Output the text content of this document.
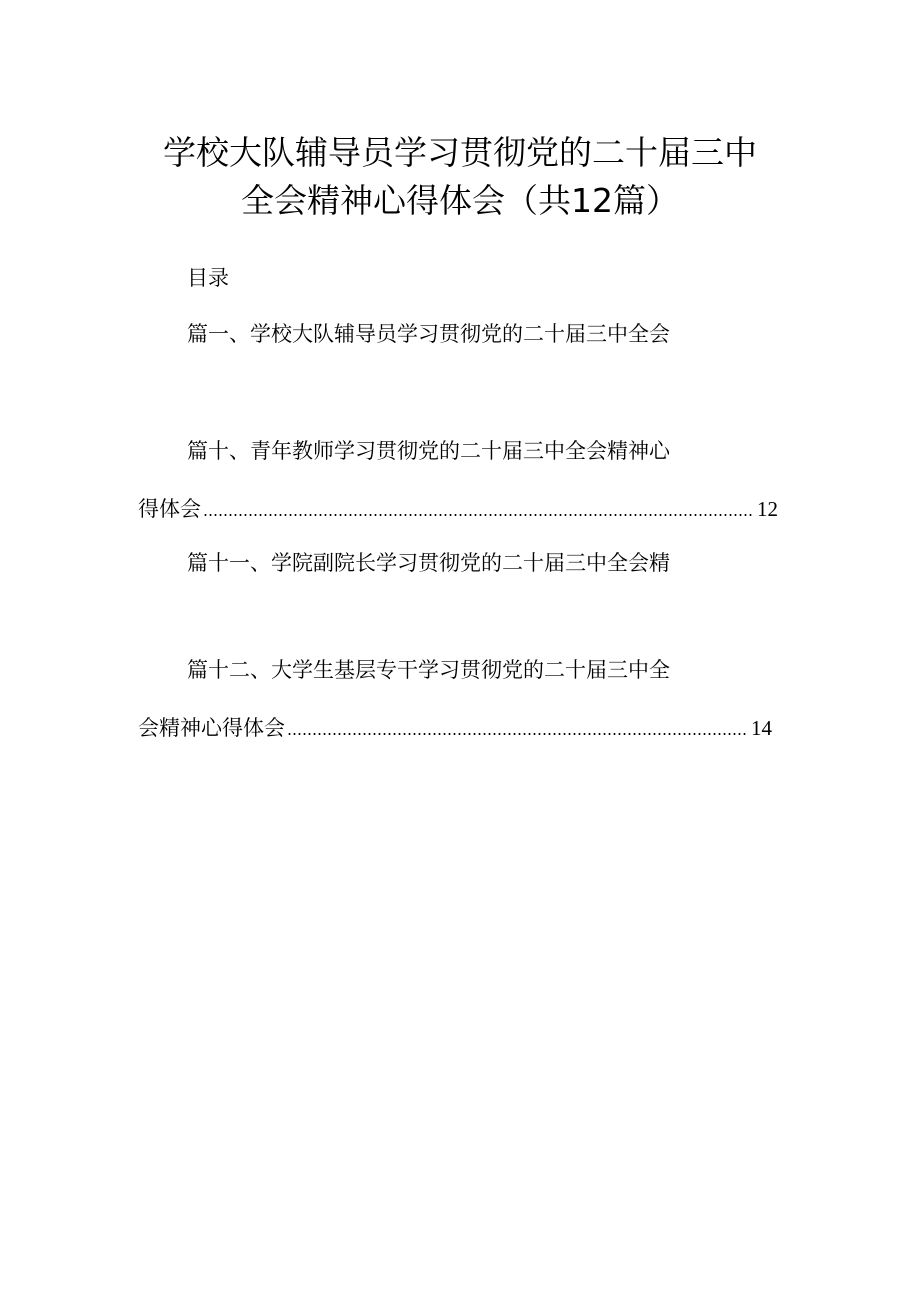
学校大队辅导员学习贯彻党的二十届三中
全会精神心得体会（共12篇）
目录
篇一、学校大队辅导员学习贯彻党的二十届三中全会
篇十、青年教师学习贯彻党的二十届三中全会精神心
得体会	12
篇十一、学院副院长学习贯彻党的二十届三中全会精
篇十二、大学生基层专干学习贯彻党的二十届三中全
会精神心得体会	14
